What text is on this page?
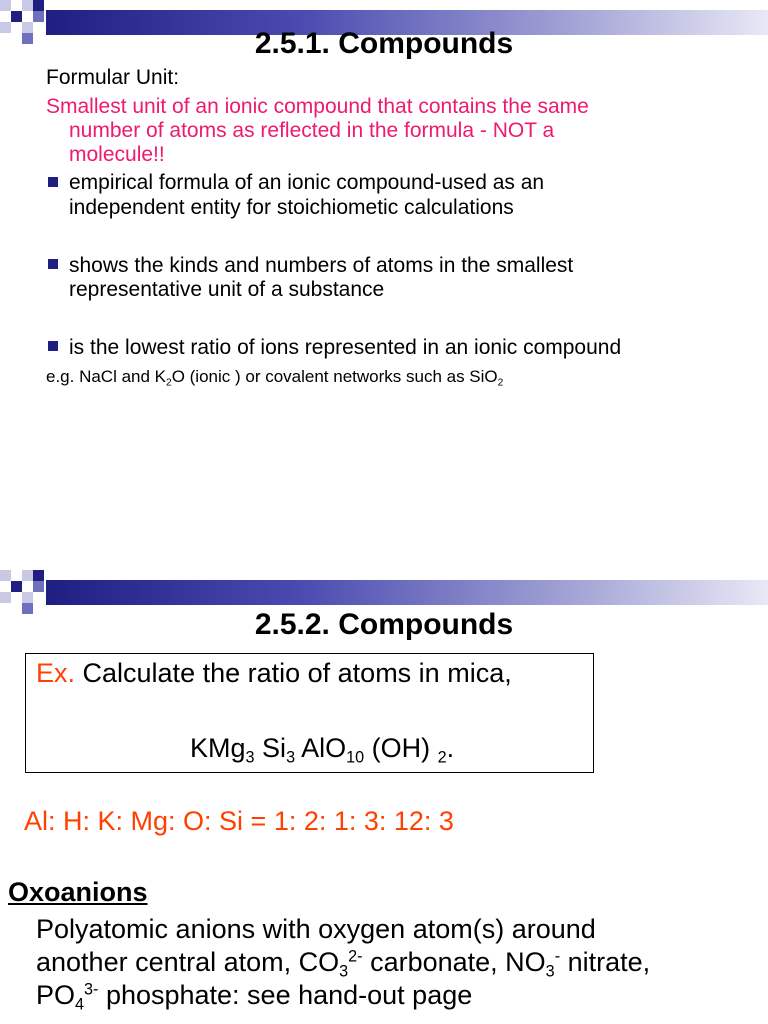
2.5.1. Compounds
Formular Unit:
Smallest unit of an ionic compound that contains the same
number of atoms as reflected in the formula - NOT a
molecule!!
empirical formula of an ionic compound-used as an
independent entity for stoichiometic calculations
shows the kinds and numbers of atoms in the smallest
representative unit of a substance
is the lowest ratio of ions represented in an ionic compound
e.g. NaCl and $K_2O$ (ionic ) or covalent networks such as SiO$_2$
2.5.2. Compounds
Ex. Calculate the ratio of atoms in mica,
KMg$_3$ $Si_3$ AlO$_{10}$ (OH) $_2$.
Al: H: K: Mg: O: Si = 1: 2: 1: 3: 12: 3
Oxoanions
Polyatomic anions with oxygen atom(s) around
another central atom, $CO_3^{2-}$ carbonate, $NO_3^-$ nitrate,
$PO_4^{3-}$ phosphate: see hand-out page
